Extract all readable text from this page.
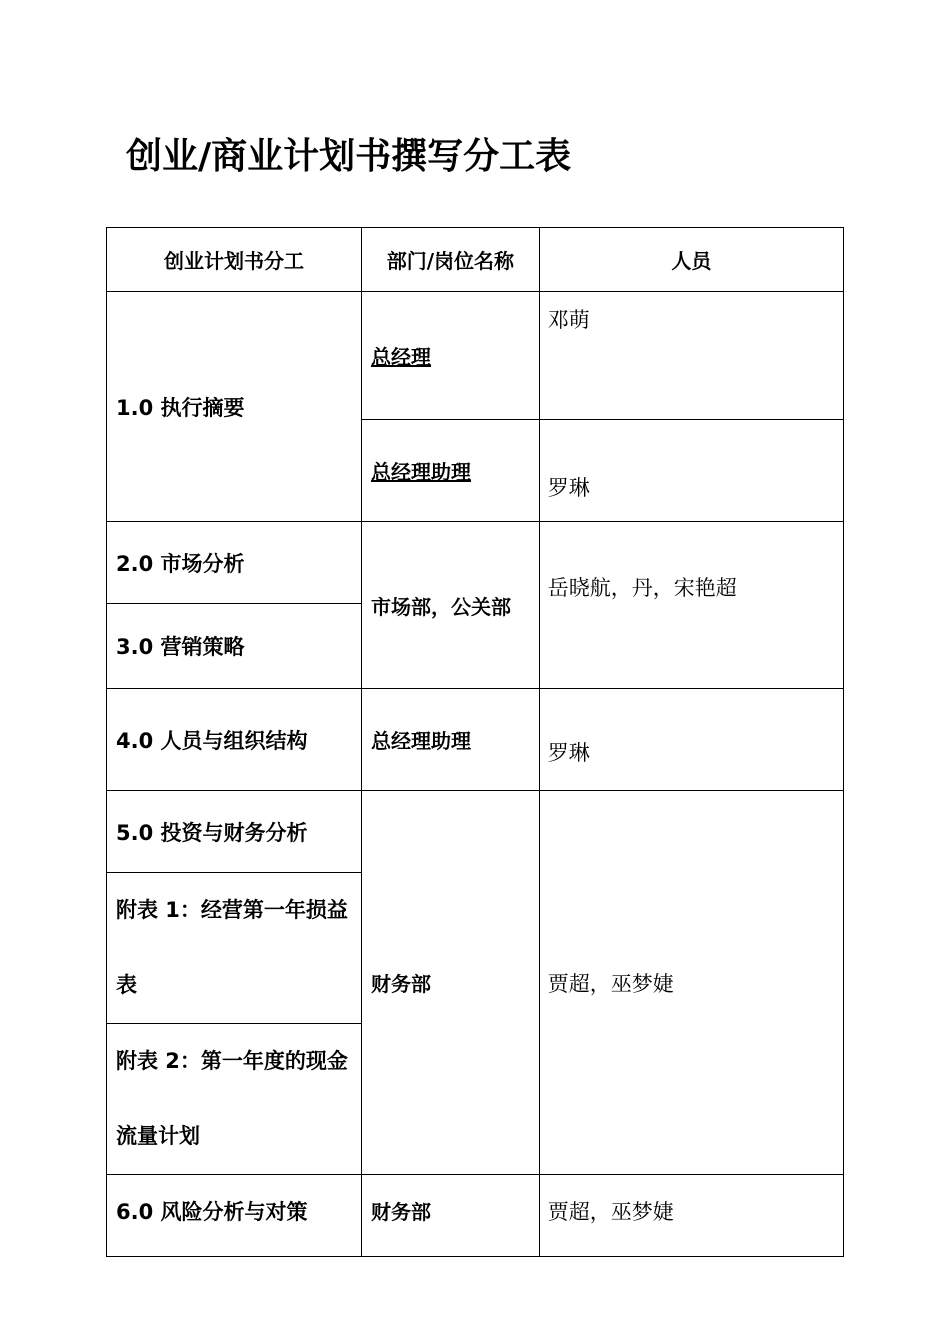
创业/商业计划书撰写分工表
创业计划书分工	部门/岗位名称	人员
1.0 执行摘要	总经理	邓萌
	总经理助理	罗琳
2.0 市场分析	市场部，公关部	岳晓航，丹，宋艳超
3.0 营销策略		
4.0 人员与组织结构	总经理助理	罗琳
5.0 投资与财务分析	财务部	贾超，巫梦婕
附表 1：经营第一年损益表		
附表 2：第一年度的现金流量计划		
6.0 风险分析与对策	财务部	贾超，巫梦婕
